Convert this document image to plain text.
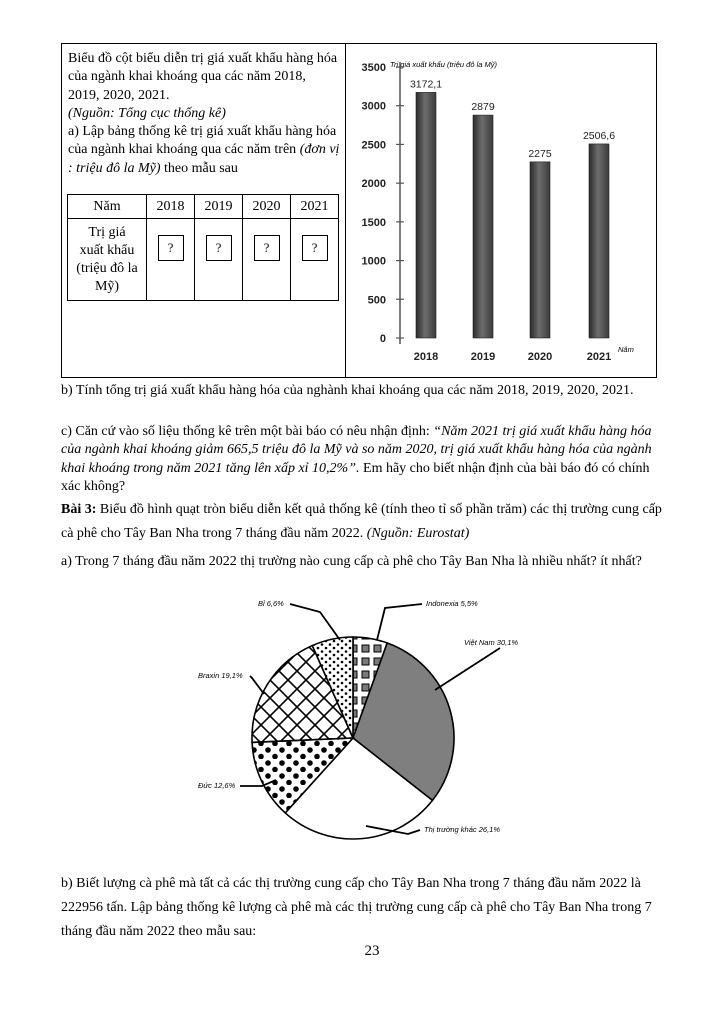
Biểu đồ cột biểu diễn trị giá xuất khẩu hàng hóa của ngành khai khoáng qua các năm 2018, 2019, 2020, 2021.

(Nguồn: Tổng cục thống kê)

a) Lập bảng thống kê trị giá xuất khẩu hàng hóa của ngành khai khoáng qua các năm trên (đơn vị : triệu đô la Mỹ) theo mẫu sau

Năm	2018	2019	2020	2021

Trị giá xuất khẩu
(triệu đô la Mỹ)	?	?	?	?
Trị giá xuất khẩu (triệu đô la Mỹ)
Năm
0
500
1000
1500
2000
2500
3000
3500
3172,1
2018
2879
2019
2275
2020
2506,6
2021

b) Tính tổng trị giá xuất khẩu hàng hóa của nghành khai khoáng qua các năm 2018, 2019, 2020, 2021.

c) Căn cứ vào số liệu thống kê trên một bài báo có nêu nhận định: “Năm 2021 trị giá xuất khẩu hàng hóa của ngành khai khoáng giảm 665,5 triệu đô la Mỹ và so năm 2020, trị giá xuất khẩu hàng hóa của ngành khai khoáng trong năm 2021 tăng lên xấp xỉ 10,2%”. Em hãy cho biết nhận định của bài báo đó có chính xác không?

Bài 3: Biểu đồ hình quạt tròn biểu diễn kết quả thống kê (tính theo tỉ số phần trăm) các thị trường cung cấp cà phê cho Tây Ban Nha trong 7 tháng đầu năm 2022. (Nguồn: Eurostat)

a) Trong 7 tháng đầu năm 2022 thị trường nào cung cấp cà phê cho Tây Ban Nha là nhiều nhất? ít nhất?

Indonexia 5,5%
Việt Nam 30,1%
Thị trường khác 26,1%
Đức 12,6%
Braxin 19,1%
Bỉ 6,6%

b) Biết lượng cà phê mà tất cả các thị trường cung cấp cho Tây Ban Nha trong 7 tháng đầu năm 2022 là 222956 tấn. Lập bảng thống kê lượng cà phê mà các thị trường cung cấp cà phê cho Tây Ban Nha trong 7 tháng đầu năm 2022 theo mẫu sau:

23
